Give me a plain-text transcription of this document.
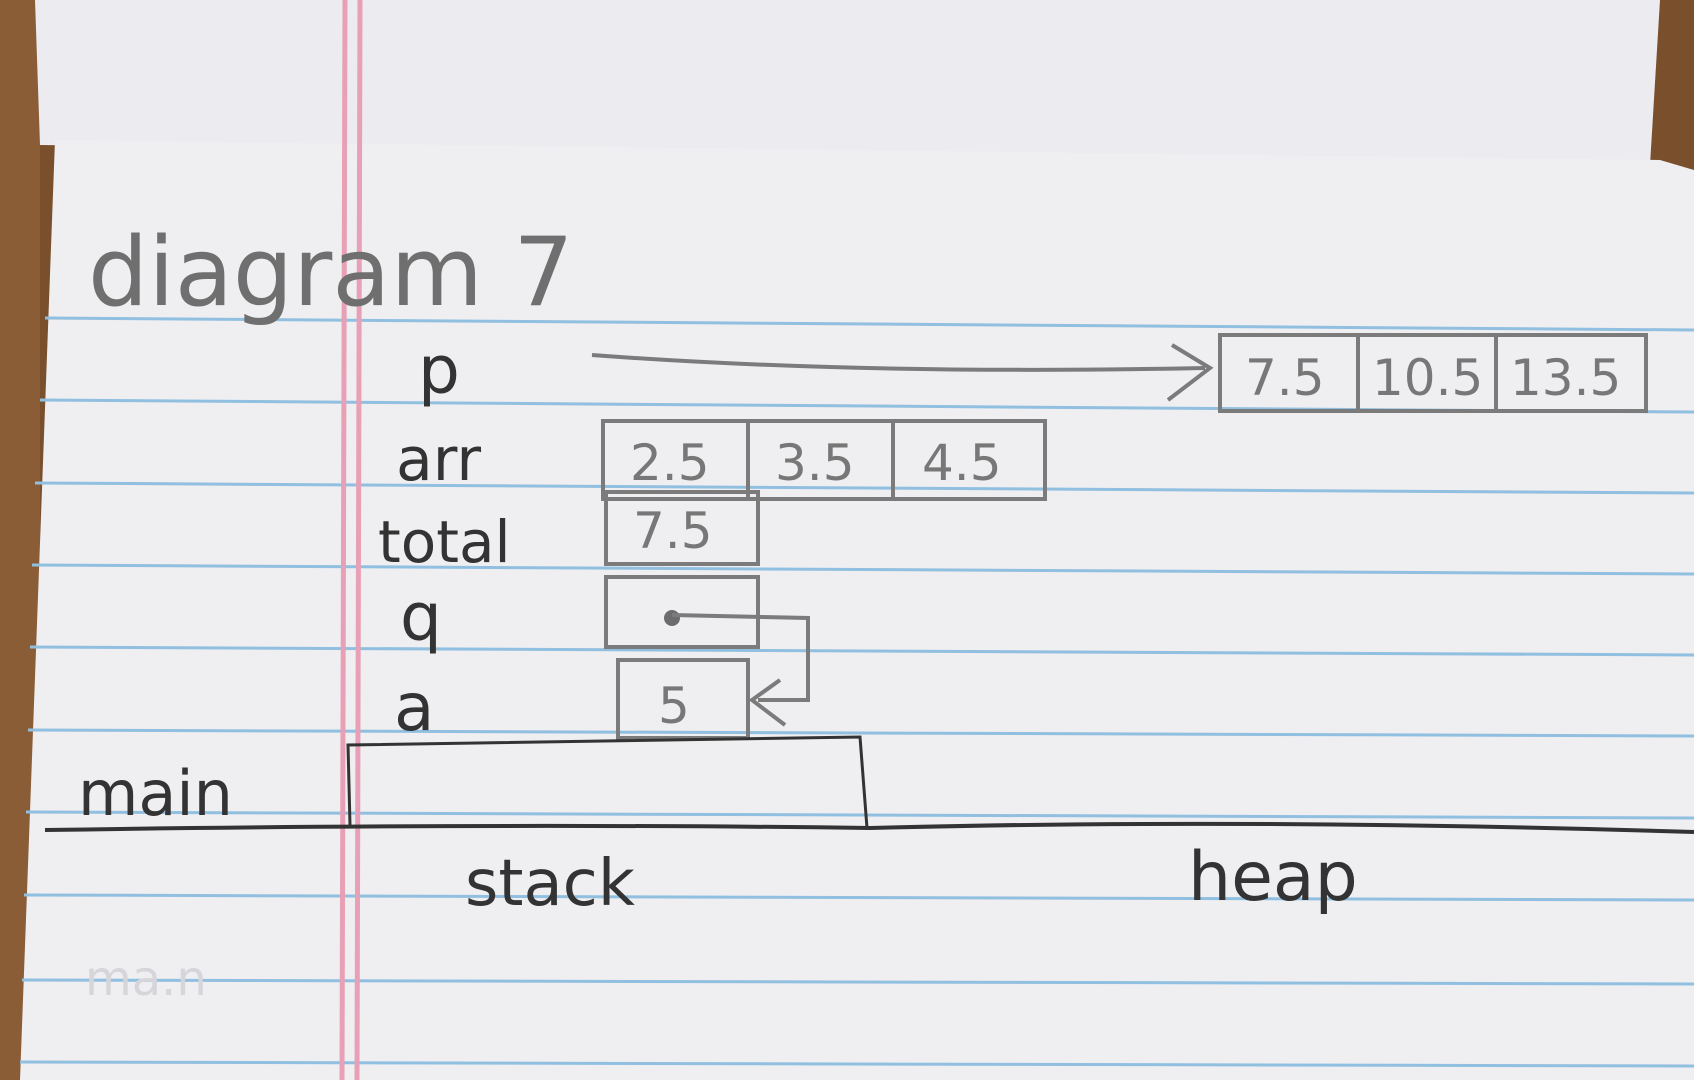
diagram 7
p
arr
total
q
a
7.5 10.5 13.5
2.5 3.5 4.5
7.5
5
main
stack	heap
ma.n
